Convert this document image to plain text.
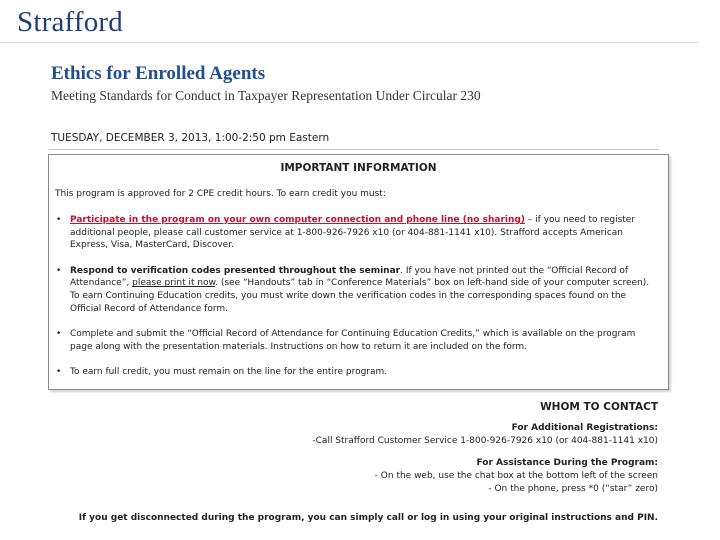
Strafford
Ethics for Enrolled Agents
Meeting Standards for Conduct in Taxpayer Representation Under Circular 230
TUESDAY, DECEMBER 3, 2013, 1:00-2:50 pm Eastern
IMPORTANT INFORMATION
This program is approved for 2 CPE credit hours. To earn credit you must:
• Participate in the program on your own computer connection and phone line (no sharing) – if you need to register additional people, please call customer service at 1-800-926-7926 x10 (or 404-881-1141 x10). Strafford accepts American Express, Visa, MasterCard, Discover.
• Respond to verification codes presented throughout the seminar. If you have not printed out the “Official Record of Attendance”, please print it now. (see “Handouts” tab in “Conference Materials” box on left-hand side of your computer screen). To earn Continuing Education credits, you must write down the verification codes in the corresponding spaces found on the Official Record of Attendance form.
• Complete and submit the “Official Record of Attendance for Continuing Education Credits,” which is available on the program page along with the presentation materials. Instructions on how to return it are included on the form.
• To earn full credit, you must remain on the line for the entire program.
WHOM TO CONTACT
For Additional Registrations:
-Call Strafford Customer Service 1-800-926-7926 x10 (or 404-881-1141 x10)
For Assistance During the Program:
- On the web, use the chat box at the bottom left of the screen
- On the phone, press *0 (“star” zero)
If you get disconnected during the program, you can simply call or log in using your original instructions and PIN.
